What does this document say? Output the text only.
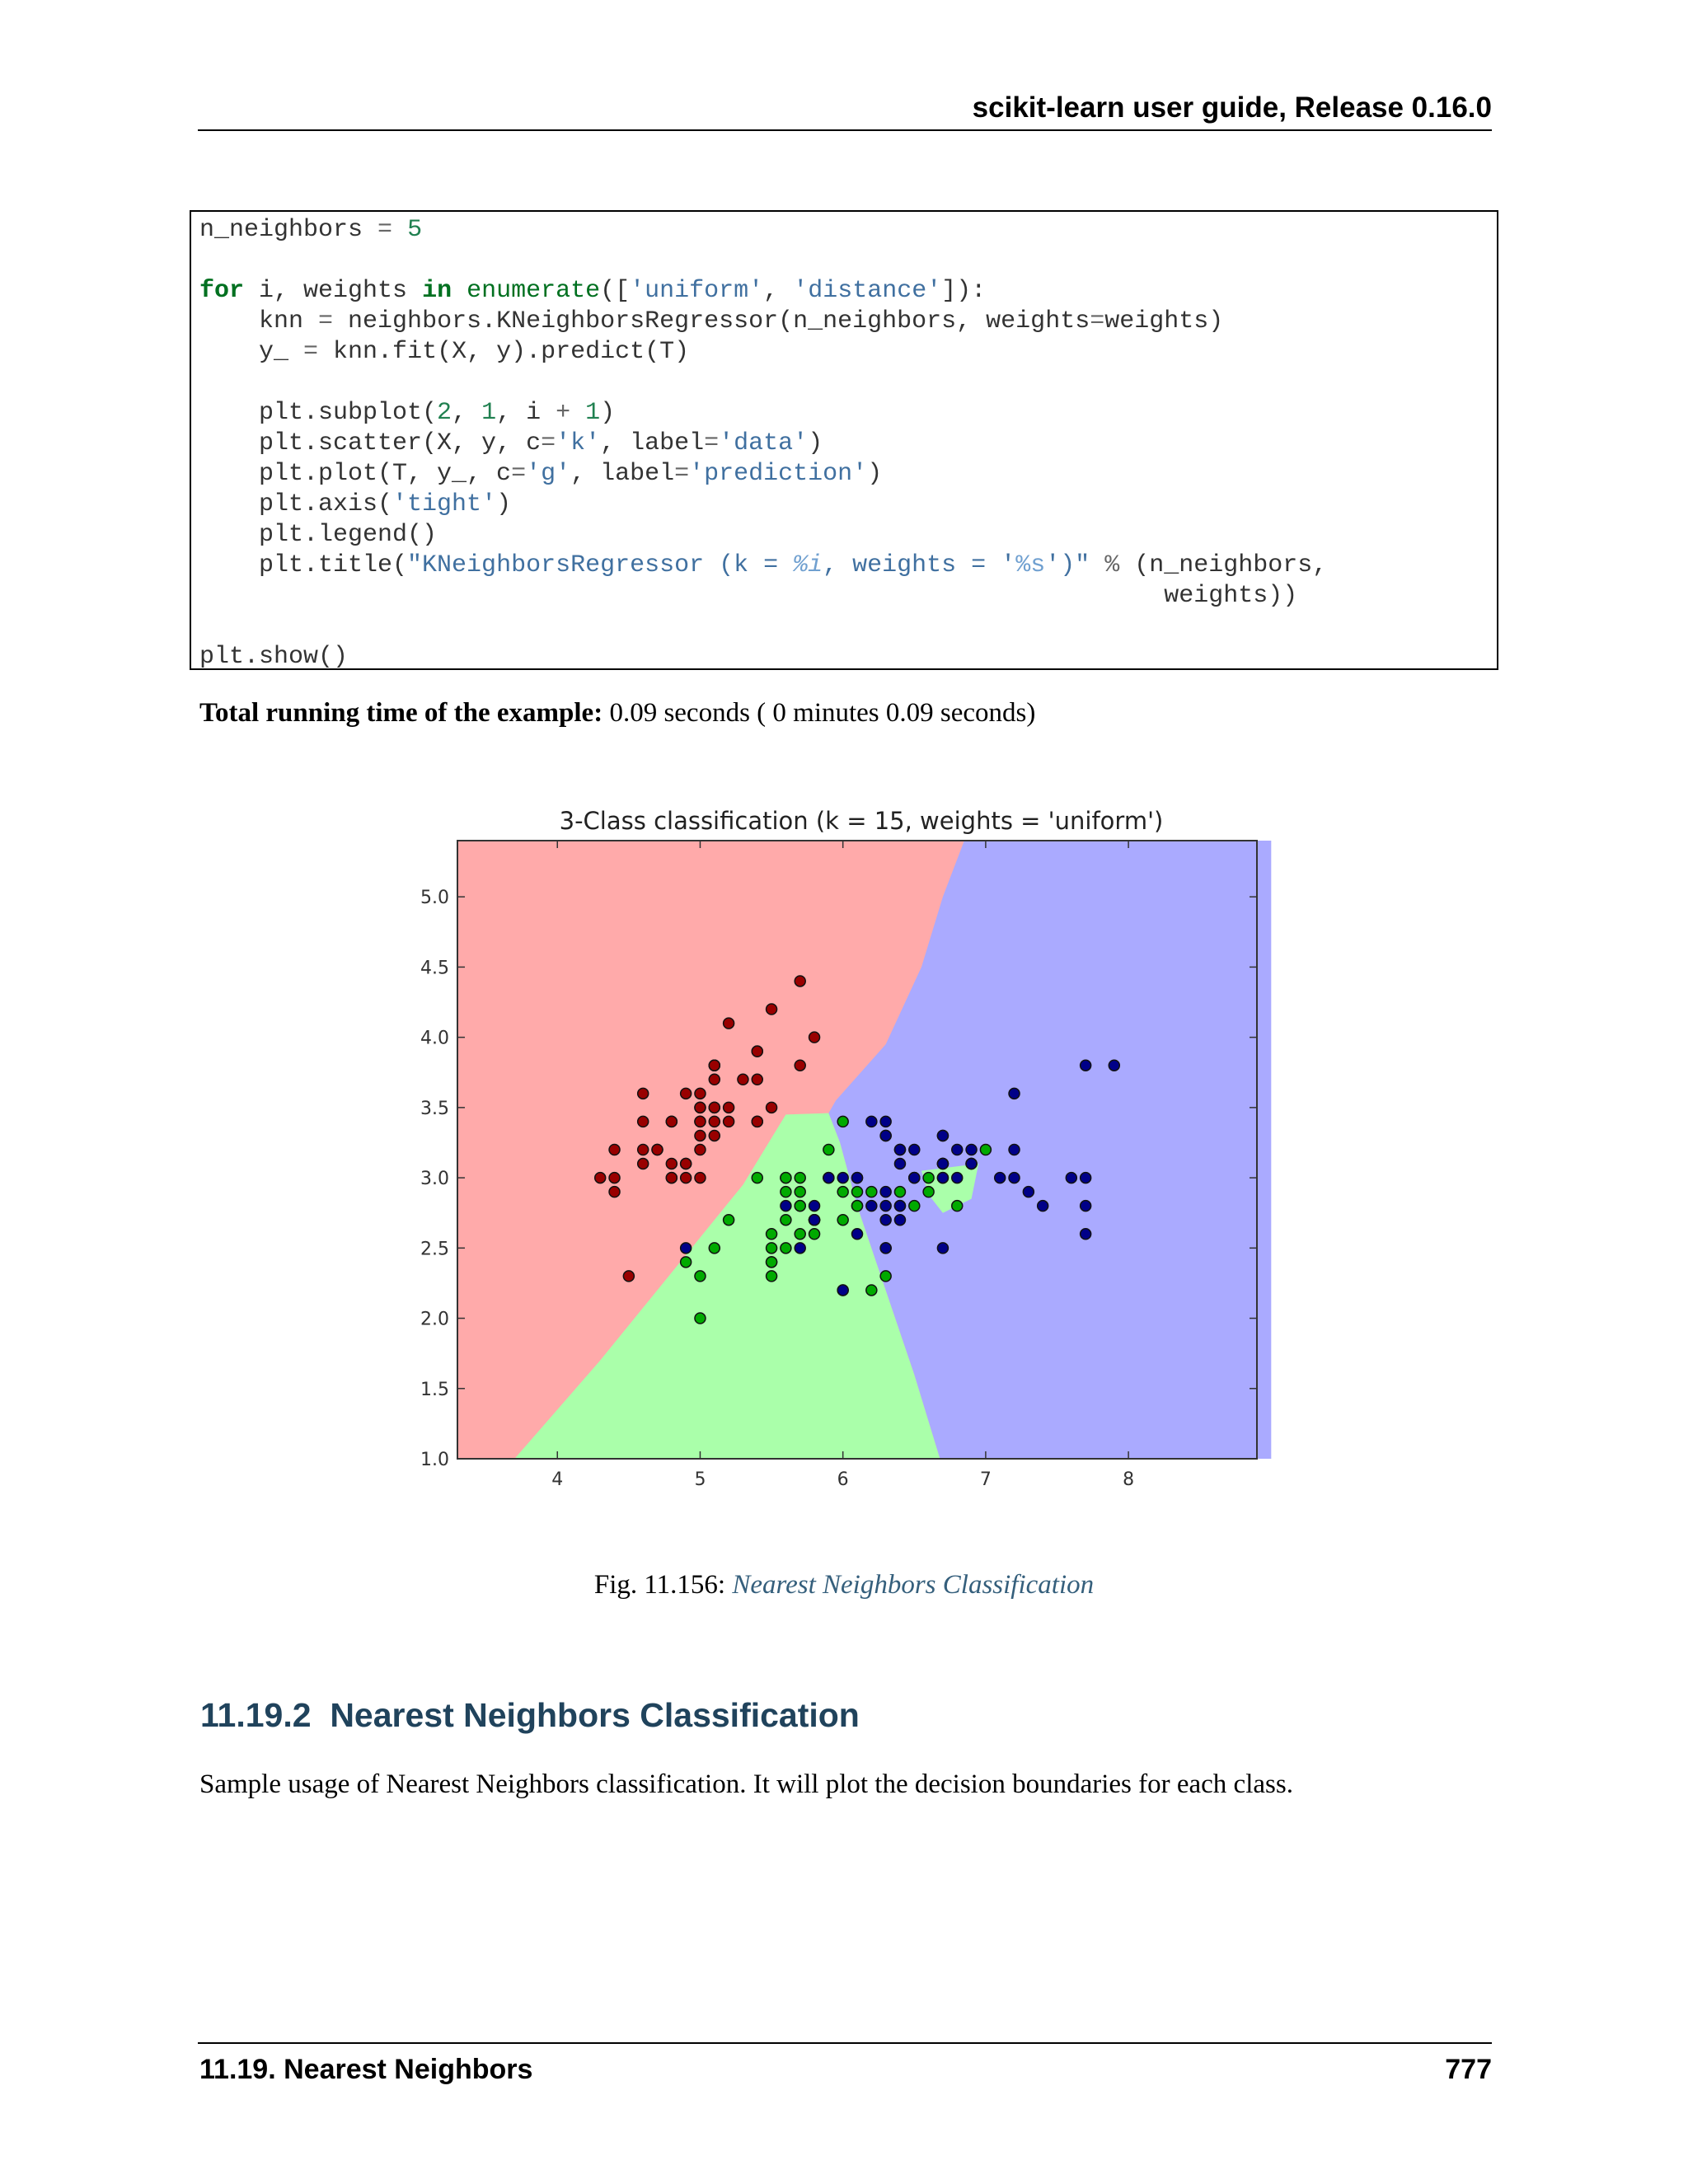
scikit-learn user guide, Release 0.16.0
n_neighbors = 5
for i, weights in enumerate(['uniform', 'distance']):
knn = neighbors.KNeighborsRegressor(n_neighbors, weights=weights)
y_ = knn.fit(X, y).predict(T)
plt.subplot(2, 1, i + 1)
plt.scatter(X, y, c='k', label='data')
plt.plot(T, y_, c='g', label='prediction')
plt.axis('tight')
plt.legend()
plt.title("KNeighborsRegressor (k = %i, weights = '%s')" % (n_neighbors,
weights))
plt.show()
Total running time of the example: 0.09 seconds ( 0 minutes 0.09 seconds)
3-Class classification (k = 15, weights = 'uniform')
4	5	6	7	8
1.0
1.5
2.0
2.5
3.0
3.5
4.0
4.5
5.0
Fig. 11.156: Nearest Neighbors Classification
11.19.2 Nearest Neighbors Classification
Sample usage of Nearest Neighbors classification. It will plot the decision boundaries for each class.
11.19. Nearest Neighbors	777
